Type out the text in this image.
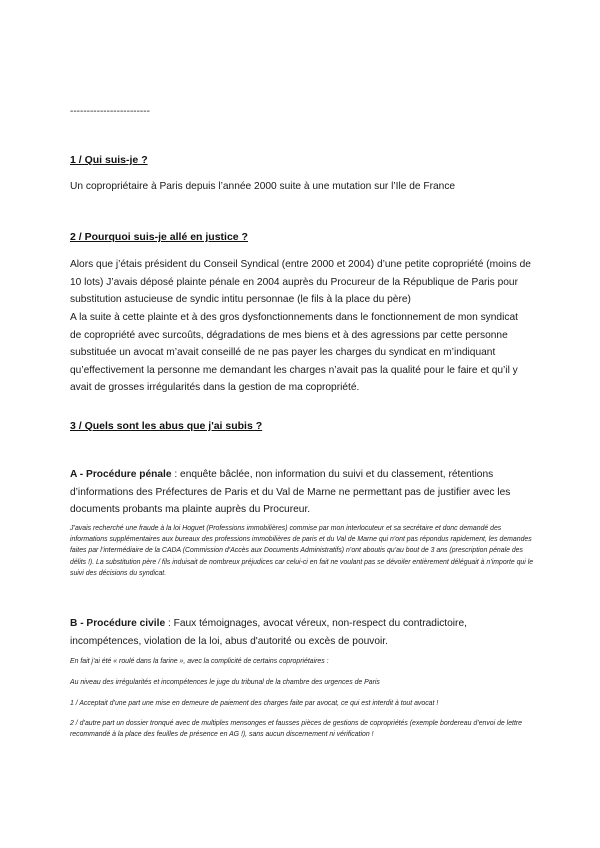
------------------------
1 / Qui suis-je ?
Un copropriétaire à Paris depuis l’année 2000 suite à une mutation sur l’Ile de France
2 / Pourquoi suis-je allé en justice ?
Alors que j’étais président du Conseil Syndical (entre 2000 et 2004) d’une petite copropriété (moins de 10 lots) J’avais déposé plainte pénale en 2004 auprès du Procureur de la République de Paris pour substitution astucieuse de syndic intitu personnae (le fils à la place du père)
A la suite à cette plainte et à des gros dysfonctionnements dans le fonctionnement de mon syndicat de copropriété avec surcoûts, dégradations de mes biens et à des agressions par cette personne substituée un avocat m’avait conseillé de ne pas payer les charges du syndicat en m’indiquant qu’effectivement la personne me demandant les charges n’avait pas la qualité pour le faire et qu’il y avait de grosses irrégularités dans la gestion de ma copropriété.
3 / Quels sont les abus que j'ai subis ?
A - Procédure pénale : enquête bâclée, non information du suivi et du classement, rétentions d’informations des Préfectures de Paris et du Val de Marne ne permettant pas de justifier avec les documents probants ma plainte auprès du Procureur.
J’avais recherché une fraude à la loi Hoguet (Professions immobilières) commise par mon interlocuteur et sa secrétaire et donc demandé des informations supplémentaires aux bureaux des professions immobilières de paris et du Val de Marne qui n’ont pas répondus rapidement, les demandes faites par l’intermédiaire de la CADA (Commission d’Accès aux Documents Administratifs) n’ont aboutis qu’au bout de 3 ans (prescription pénale des délits !). La substitution père / fils induisait de nombreux préjudices car celui-ci en fait ne voulant pas se dévoiler entièrement déléguait à n’importe qui le suivi des décisions du syndicat.
B - Procédure civile : Faux témoignages, avocat véreux, non-respect du contradictoire, incompétences, violation de la loi, abus d'autorité ou excès de pouvoir.
En fait j’ai été « roulé dans la farine », avec la complicité de certains copropriétaires :
Au niveau des irrégularités et incompétences le juge du tribunal de la chambre des urgences de Paris
1 / Acceptait d’une part une mise en demeure de paiement des charges faite par avocat, ce qui est interdit à tout avocat !
2 / d’autre part un dossier tronqué avec de multiples mensonges et fausses pièces de gestions de copropriétés (exemple bordereau d’envoi de lettre recommandé à la place des feuilles de présence en AG !), sans aucun discernement ni vérification !
